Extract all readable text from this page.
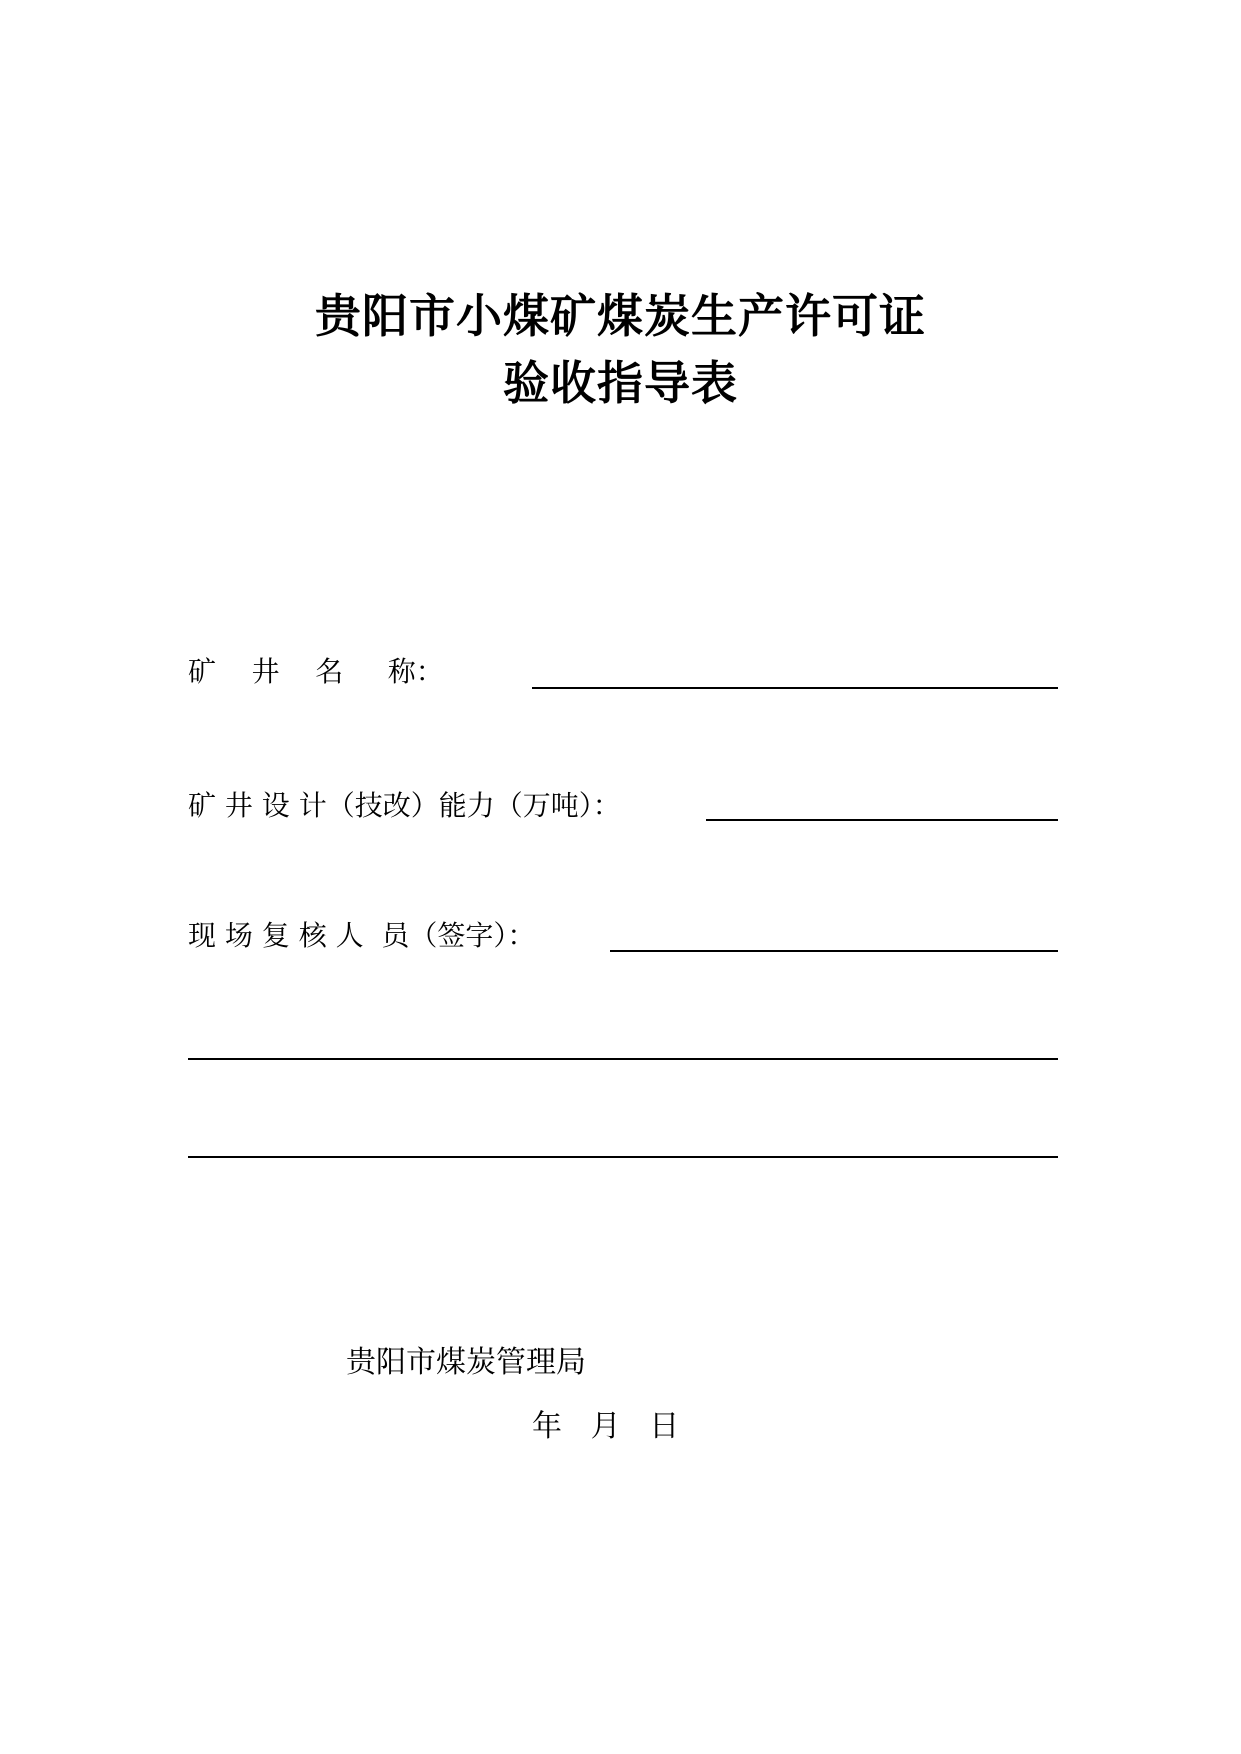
贵阳市小煤矿煤炭生产许可证
验收指导表
矿    井    名     称：
矿 井 设 计（技改）能力（万吨）：
现 场 复 核 人  员（签字）：
贵阳市煤炭管理局
年   月   日
